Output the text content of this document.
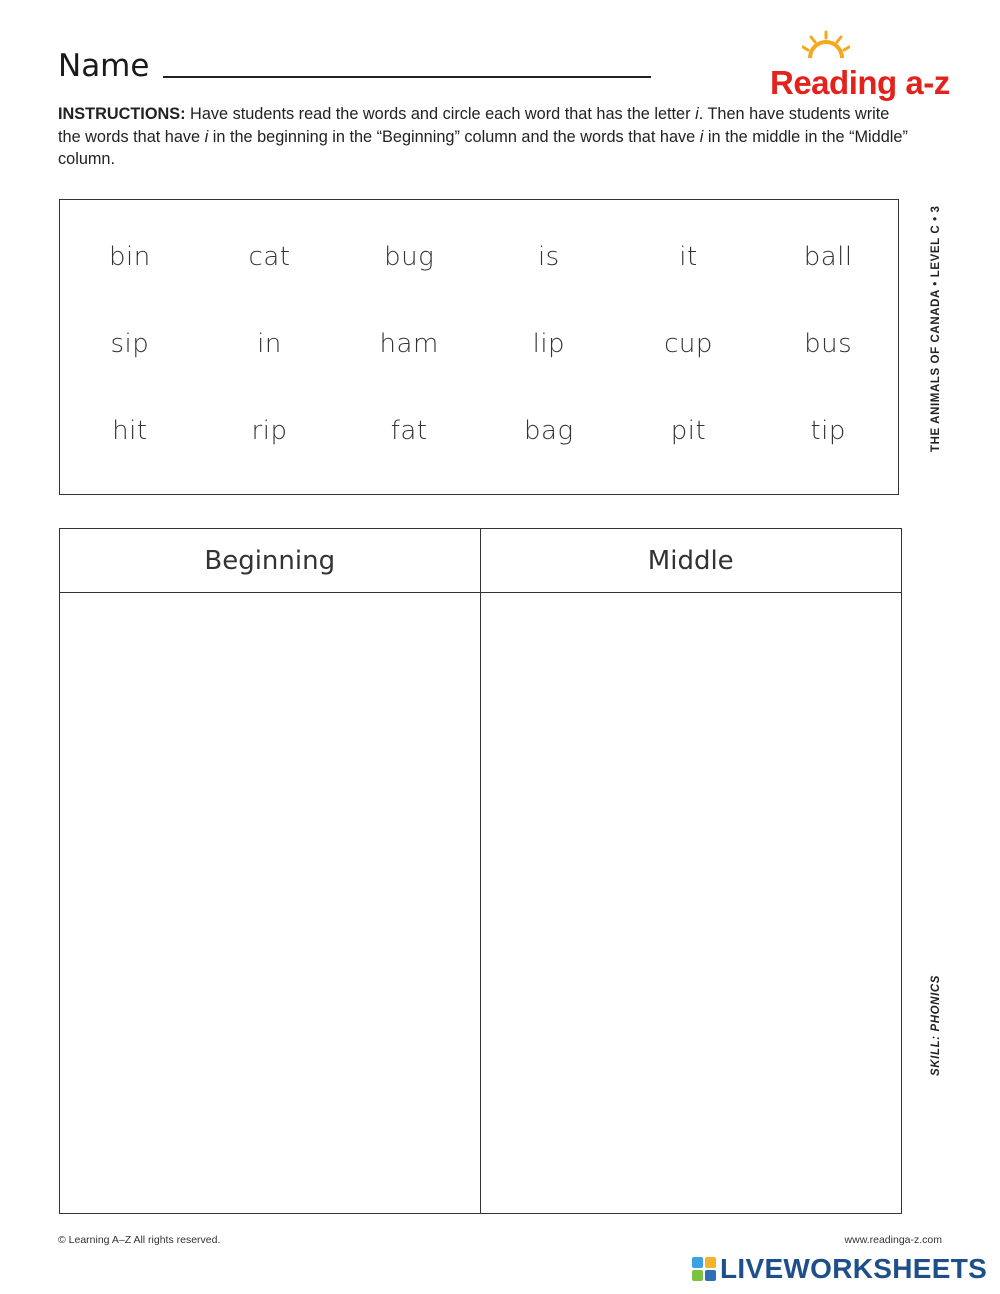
Name	Reading a-z
INSTRUCTIONS: Have students read the words and circle each word that has the letter i. Then have students write the words that have i in the beginning in the “Beginning” column and the words that have i in the middle in the “Middle” column.
THE ANIMALS OF CANADA • LEVEL C • 3
SKILL: PHONICS
bin	cat	bug	is	it	ball
sip	in	ham	lip	cup	bus
hit	rip	fat	bag	pit	tip
Beginning	Middle
© Learning A–Z All rights reserved.	www.readinga-z.com
LIVEWORKSHEETS
